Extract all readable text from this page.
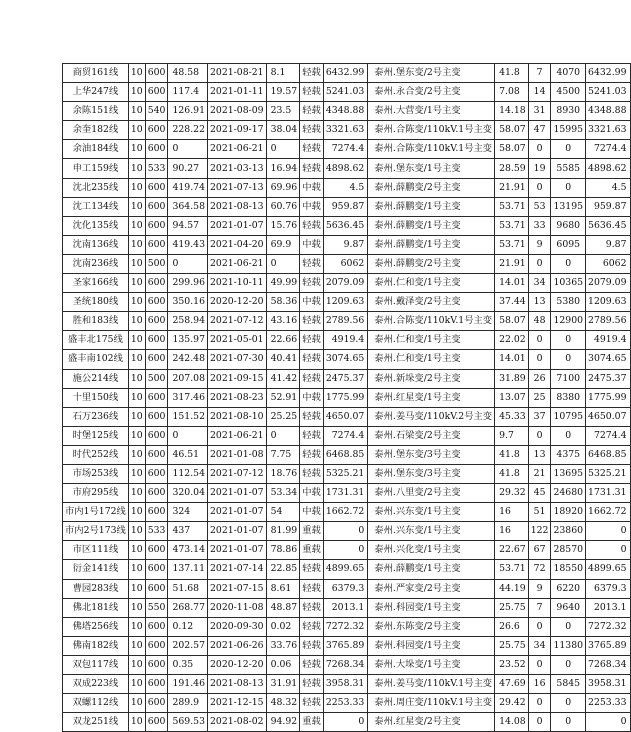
商贸161线	10	600	48.58	2021-08-21	8.1	轻载	6432.99	泰州.堡东变/2号主变	41.8	7	4070	6432.99
上华247线	10	600	117.4	2021-01-11	19.57	轻载	5241.03	泰州.永合变/2号主变	7.08	14	4500	5241.03
余陈151线	10	540	126.91	2021-08-09	23.5	轻载	4348.88	泰州.大营变/1号主变	14.18	31	8930	4348.88
余奎182线	10	600	228.22	2021-09-17	38.04	轻载	3321.63	泰州.合陈变/110kV.1号主变	58.07	47	15995	3321.63
余油184线	10	600	0	2021-06-21	0	轻载	7274.4	泰州.合陈变/110kV.1号主变	58.07	0	0	7274.4
申工159线	10	533	90.27	2021-03-13	16.94	轻载	4898.62	泰州.堡东变/1号主变	28.59	19	5585	4898.62
沈北235线	10	600	419.74	2021-07-13	69.96	中载	4.5	泰州.薛鹏变/2号主变	21.91	0	0	4.5
沈工134线	10	600	364.58	2021-08-13	60.76	中载	959.87	泰州.薛鹏变/1号主变	53.71	53	13195	959.87
沈化135线	10	600	94.57	2021-01-07	15.76	轻载	5636.45	泰州.薛鹏变/1号主变	53.71	33	9680	5636.45
沈南136线	10	600	419.43	2021-04-20	69.9	中载	9.87	泰州.薛鹏变/1号主变	53.71	9	6095	9.87
沈南236线	10	500	0	2021-06-21	0	轻载	6062	泰州.薛鹏变/2号主变	21.91	0	0	6062
圣家166线	10	600	299.96	2021-10-11	49.99	轻载	2079.09	泰州.仁和变/1号主变	14.01	34	10365	2079.09
圣统180线	10	600	350.16	2020-12-20	58.36	中载	1209.63	泰州.戴泽变/2号主变	37.44	13	5380	1209.63
胜和183线	10	600	258.94	2021-07-12	43.16	轻载	2789.56	泰州.合陈变/110kV.1号主变	58.07	48	12900	2789.56
盛丰北175线	10	600	135.97	2021-05-01	22.66	轻载	4919.4	泰州.仁和变/1号主变	22.02	0	0	4919.4
盛丰南102线	10	600	242.48	2021-07-30	40.41	轻载	3074.65	泰州.仁和变/1号主变	14.01	0	0	3074.65
施公214线	10	500	207.08	2021-09-15	41.42	轻载	2475.37	泰州.新垛变/2号主变	31.89	26	7100	2475.37
十里150线	10	600	317.46	2021-08-23	52.91	中载	1775.99	泰州.红星变/1号主变	13.07	25	8380	1775.99
石万236线	10	600	151.52	2021-08-10	25.25	轻载	4650.07	泰州.姜马变/110kV.2号主变	45.33	37	10795	4650.07
时堡125线	10	600	0	2021-06-21	0	轻载	7274.4	泰州.石梁变/2号主变	9.7	0	0	7274.4
时代252线	10	600	46.51	2021-01-08	7.75	轻载	6468.85	泰州.堡东变/3号主变	41.8	13	4375	6468.85
市场253线	10	600	112.54	2021-07-12	18.76	轻载	5325.21	泰州.堡东变/3号主变	41.8	21	13695	5325.21
市府295线	10	600	320.04	2021-01-07	53.34	中载	1731.31	泰州.八里变/2号主变	29.32	45	24680	1731.31
市内1号172线	10	600	324	2021-01-07	54	中载	1662.72	泰州.兴东变/1号主变	16	51	18920	1662.72
市内2号173线	10	533	437	2021-01-07	81.99	重载	0	泰州.兴东变/1号主变	16	122	23860	0
市区111线	10	600	473.14	2021-01-07	78.86	重载	0	泰州.兴化变/1号主变	22.67	67	28570	0
衍金141线	10	600	137.11	2021-07-14	22.85	轻载	4899.65	泰州.薛鹏变/1号主变	53.71	72	18550	4899.65
曹园283线	10	600	51.68	2021-07-15	8.61	轻载	6379.3	泰州.严家变/2号主变	44.19	9	6220	6379.3
佛北181线	10	550	268.77	2020-11-08	48.87	轻载	2013.1	泰州.科园变/1号主变	25.75	7	9640	2013.1
佛塔256线	10	600	0.12	2020-09-30	0.02	轻载	7272.32	泰州.东陈变/2号主变	26.6	0	0	7272.32
佛南182线	10	600	202.57	2021-06-26	33.76	轻载	3765.89	泰州.科园变/1号主变	25.75	34	11380	3765.89
双包117线	10	600	0.35	2020-12-20	0.06	轻载	7268.34	泰州.大垛变/1号主变	23.52	0	0	7268.34
双成223线	10	600	191.46	2021-08-13	31.91	轻载	3958.31	泰州.姜马变/110kV.1号主变	47.69	16	5845	3958.31
双螺112线	10	600	289.9	2021-12-15	48.32	轻载	2253.33	泰州.周庄变/110kV.1号主变	29.42	0	0	2253.33
双龙251线	10	600	569.53	2021-08-02	94.92	重载	0	泰州.红星变/2号主变	14.08	0	0	0
